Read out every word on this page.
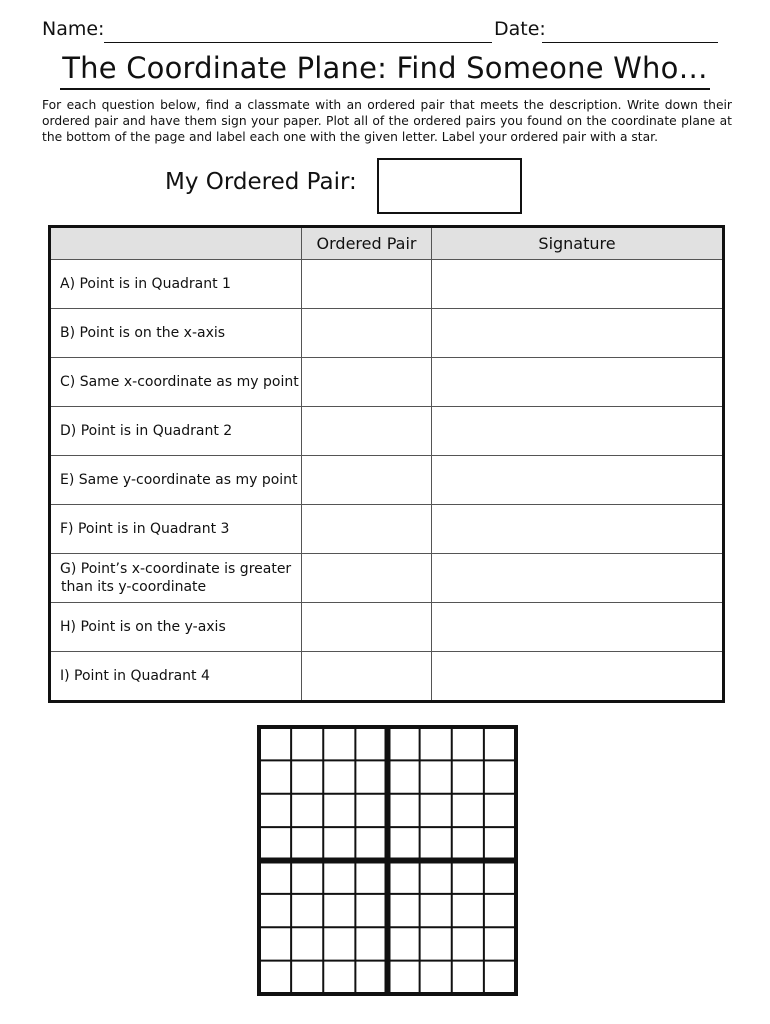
Name:	Date:
The Coordinate Plane: Find Someone Who…
For each question below, find a classmate with an ordered pair that meets the description. Write down their ordered pair and have them sign your paper. Plot all of the ordered pairs you found on the coordinate plane at the bottom of the page and label each one with the given letter. Label your ordered pair with a star.
My Ordered Pair:
	Ordered Pair	Signature
A) Point is in Quadrant 1		
B) Point is on the x-axis		
C) Same x-coordinate as my point		
D) Point is in Quadrant 2		
E) Same y-coordinate as my point		
F) Point is in Quadrant 3		
G) Point’s x-coordinate is greater than its y-coordinate		
H) Point is on the y-axis		
I) Point in Quadrant 4		
